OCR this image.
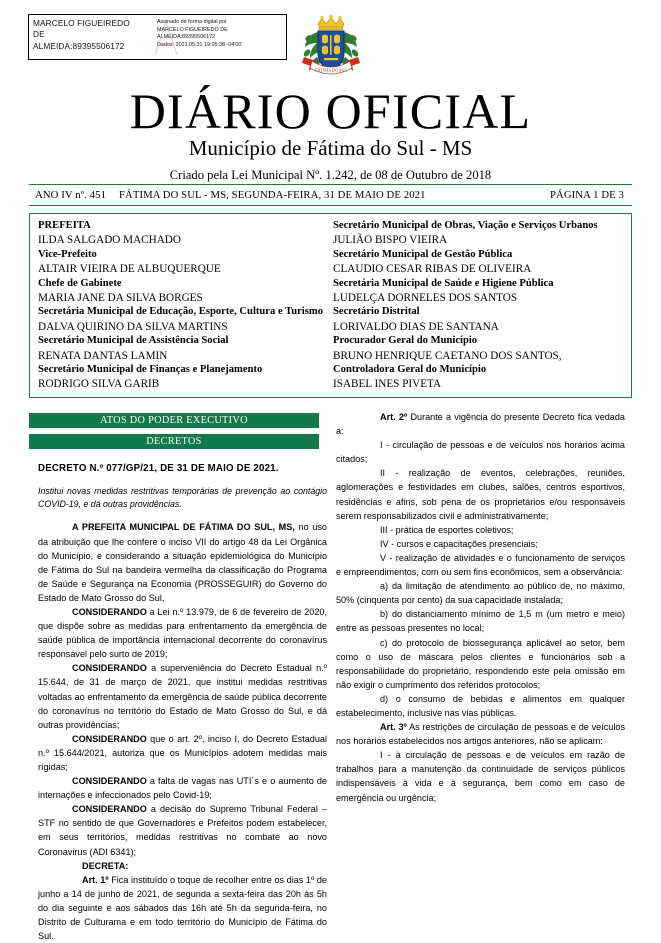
MARCELO FIGUEIREDO
DE
ALMEIDA:89395506172
Assinado de forma digital por
MARCELO FIGUEIREDO DE
ALMEIDA:89395506172
Dados: 2021.05.31 19:05:38 -04'00'
FÁTIMA DO SUL
DIÁRIO OFICIAL
Município de Fátima do Sul - MS
Criado pela Lei Municipal Nº. 1.242, de 08 de Outubro de 2018
ANO IV nº. 451	FÁTIMA DO SUL - MS, SEGUNDA-FEIRA, 31 DE MAIO DE 2021	PÁGINA 1 DE 3
PREFEITA
ILDA SALGADO MACHADO
Vice-Prefeito
ALTAIR VIEIRA DE ALBUQUERQUE
Chefe de Gabinete
MARIA JANE DA SILVA BORGES
Secretária Municipal de Educação, Esporte, Cultura e Turismo
DALVA QUIRINO DA SILVA MARTINS
Secretário Municipal de Assistência Social
RENATA DANTAS LAMIN
Secretário Municipal de Finanças e Planejamento
RODRIGO SILVA GARIB
Secretário Municipal de Obras, Viação e Serviços Urbanos
JULIÃO BISPO VIEIRA
Secretário Municipal de Gestão Pública
CLAUDIO CESAR RIBAS DE OLIVEIRA
Secretária Municipal de Saúde e Higiene Pública
LUDELÇA DORNELES DOS SANTOS
Secretário Distrital
LORIVALDO DIAS DE SANTANA
Procurador Geral do Município
BRUNO HENRIQUE CAETANO DOS SANTOS,
Controladora Geral do Município
ISABEL INES PIVETA
ATOS DO PODER EXECUTIVO
DECRETOS

DECRETO N.º 077/GP/21, DE 31 DE MAIO DE 2021.

Institui novas medidas restritivas temporárias de prevenção ao contágio COVID-19, e dá outras providências.

A PREFEITA MUNICIPAL DE FÁTIMA DO SUL, MS, no uso da atribuição que lhe confere o inciso VII do artigo 48 da Lei Orgânica do Município, e considerando a situação epidemiológica do Município de Fátima do Sul na bandeira vermelha da classificação do Programa de Saúde e Segurança na Economia (PROSSEGUIR) do Governo do Estado de Mato Grosso do Sul,

CONSIDERANDO a Lei n.º 13.979, de 6 de fevereiro de 2020, que dispõe sobre as medidas para enfrentamento da emergência de saúde pública de importância internacional decorrente do coronavírus responsável pelo surto de 2019;

CONSIDERANDO a superveniência do Decreto Estadual n.º 15.644, de 31 de março de 2021, que institui medidas restritivas voltadas ao enfrentamento da emergência de saúde pública decorrente do coronavírus no território do Estado de Mato Grosso do Sul, e dá outras providências;

CONSIDERANDO que o art. 2º, inciso I, do Decreto Estadual n.º 15.644/2021, autoriza que os Municípios adotem medidas mais rígidas;

CONSIDERANDO a falta de vagas nas UTI´s e o aumento de internações e infeccionados pelo Covid-19;

CONSIDERANDO a decisão do Supremo Tribunal Federal – STF no sentido de que Governadores e Prefeitos podem estabelecer, em seus territórios, medidas restritivas no combate ao novo Coronavirus (ADI 6341);

DECRETA:

Art. 1º Fica instituído o toque de recolher entre os dias 1º de junho a 14 de junho de 2021, de segunda a sexta-feira das 20h às 5h do dia seguinte e aos sábados das 16h até 5h da segunda-feira, no Distrito de Culturama e em todo território do Município de Fátima do Sul.

Art. 2º Durante a vigência do presente Decreto fica vedada a:

I - circulação de pessoas e de veículos nos horários acima citados;

II - realização de eventos, celebrações, reuniões, aglomerações e festividades em clubes, salões, centros esportivos, residências e afins, sob pena de os proprietários e/ou responsáveis serem responsabilizados civil e administrativamente;

III - prática de esportes coletivos;

IV - cursos e capacitações presenciais;

V - realização de atividades e o funcionamento de serviços e empreendimentos, com ou sem fins econômicos, sem a observância:

a) da limitação de atendimento ao público de, no máximo, 50% (cinquenta por cento) da sua capacidade instalada;

b) do distanciamento mínimo de 1,5 m (um metro e meio) entre as pessoas presentes no local;

c) do protocolo de biossegurança aplicável ao setor, bem como o uso de máscara pelos clientes e funcionários sob a responsabilidade do proprietário, respondendo este pela omissão em não exigir o cumprimento dos referidos protocolos;

d) o consumo de bebidas e alimentos em qualquer estabelecimento, inclusive nas vias públicas.

Art. 3º As restrições de circulação de pessoas e de veículos nos horários estabelecidos nos artigos anteriores, não se aplicam:

I - à circulação de pessoas e de veículos em razão de trabalhos para a manutenção da continuidade de serviços públicos indispensáveis à vida e à segurança, bem como em caso de emergência ou urgência;
